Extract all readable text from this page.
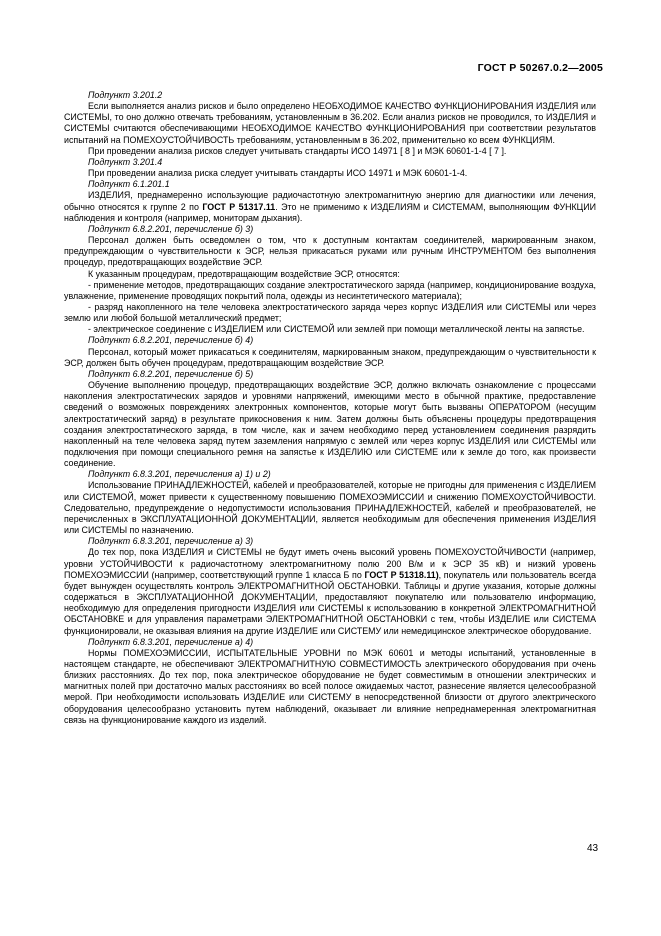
ГОСТ Р 50267.0.2—2005

Подпункт 3.201.2

Если выполняется анализ рисков и было определено НЕОБХОДИМОЕ КАЧЕСТВО ФУНКЦИОНИРОВАНИЯ ИЗДЕЛИЯ или СИСТЕМЫ, то оно должно отвечать требованиям, установленным в 36.202. Если анализ рисков не проводился, то ИЗДЕЛИЯ и СИСТЕМЫ считаются обеспечивающими НЕОБХОДИМОЕ КАЧЕСТВО ФУНКЦИОНИРОВАНИЯ при соответствии результатов испытаний на ПОМЕХОУСТОЙЧИВОСТЬ требованиям, установленным в 36.202, применительно ко всем ФУНКЦИЯМ.

При проведении анализа рисков следует учитывать стандарты ИСО 14971 [ 8 ] и МЭК 60601-1-4 [ 7 ].

Подпункт 3.201.4

При проведении анализа риска следует учитывать стандарты ИСО 14971 и МЭК 60601-1-4.

Подпункт 6.1.201.1

ИЗДЕЛИЯ, преднамеренно использующие радиочастотную электромагнитную энергию для диагностики или лечения, обычно относятся к группе 2 по ГОСТ Р 51317.11. Это не применимо к ИЗДЕЛИЯМ и СИСТЕМАМ, выполняющим ФУНКЦИИ наблюдения и контроля (например, мониторам дыхания).

Подпункт 6.8.2.201, перечисление б) 3)

Персонал должен быть осведомлен о том, что к доступным контактам соединителей, маркированным знаком, предупреждающим о чувствительности к ЭСР, нельзя прикасаться руками или ручным ИНСТРУМЕНТОМ без выполнения процедур, предотвращающих воздействие ЭСР.

К указанным процедурам, предотвращающим воздействие ЭСР, относятся:

- применение методов, предотвращающих создание электростатического заряда (например, кондиционирование воздуха, увлажнение, применение проводящих покрытий пола, одежды из несинтетического материала);

- разряд накопленного на теле человека электростатического заряда через корпус ИЗДЕЛИЯ или СИСТЕМЫ или через землю или любой большой металлический предмет;

- электрическое соединение с ИЗДЕЛИЕМ или СИСТЕМОЙ или землей при помощи металлической ленты на запястье.

Подпункт 6.8.2.201, перечисление б) 4)

Персонал, который может прикасаться к соединителям, маркированным знаком, предупреждающим о чувствительности к ЭСР, должен быть обучен процедурам, предотвращающим воздействие ЭСР.

Подпункт 6.8.2.201, перечисление б) 5)

Обучение выполнению процедур, предотвращающих воздействие ЭСР, должно включать ознакомление с процессами накопления электростатических зарядов и уровнями напряжений, имеющими место в обычной практике, предоставление сведений о возможных повреждениях электронных компонентов, которые могут быть вызваны ОПЕРАТОРОМ (несущим электростатический заряд) в результате прикосновения к ним. Затем должны быть объяснены процедуры предотвращения создания электростатического заряда, в том числе, как и зачем необходимо перед установлением соединения разрядить накопленный на теле человека заряд путем заземления напрямую с землей или через корпус ИЗДЕЛИЯ или СИСТЕМЫ или подключения при помощи специального ремня на запястье к ИЗДЕЛИЮ или СИСТЕМЕ или к земле до того, как произвести соединение.

Подпункт 6.8.3.201, перечисления а) 1) и 2)

Использование ПРИНАДЛЕЖНОСТЕЙ, кабелей и преобразователей, которые не пригодны для применения с ИЗДЕЛИЕМ или СИСТЕМОЙ, может привести к существенному повышению ПОМЕХОЭМИССИИ и снижению ПОМЕХОУСТОЙЧИВОСТИ. Следовательно, предупреждение о недопустимости использования ПРИНАДЛЕЖНОСТЕЙ, кабелей и преобразователей, не перечисленных в ЭКСПЛУАТАЦИОННОЙ ДОКУМЕНТАЦИИ, является необходимым для обеспечения применения ИЗДЕЛИЯ или СИСТЕМЫ по назначению.

Подпункт 6.8.3.201, перечисление а) 3)

До тех пор, пока ИЗДЕЛИЯ и СИСТЕМЫ не будут иметь очень высокий уровень ПОМЕХОУСТОЙЧИВОСТИ (например, уровни УСТОЙЧИВОСТИ к радиочастотному электромагнитному полю 200 В/м и к ЭСР 35 кВ) и низкий уровень ПОМЕХОЭМИССИИ (например, соответствующий группе 1 класса Б по ГОСТ Р 51318.11), покупатель или пользователь всегда будет вынужден осуществлять контроль ЭЛЕКТРОМАГНИТНОЙ ОБСТАНОВКИ. Таблицы и другие указания, которые должны содержаться в ЭКСПЛУАТАЦИОННОЙ ДОКУМЕНТАЦИИ, предоставляют покупателю или пользователю информацию, необходимую для определения пригодности ИЗДЕЛИЯ или СИСТЕМЫ к использованию в конкретной ЭЛЕКТРОМАГНИТНОЙ ОБСТАНОВКЕ и для управления параметрами ЭЛЕКТРОМАГНИТНОЙ ОБСТАНОВКИ с тем, чтобы ИЗДЕЛИЕ или СИСТЕМА функционировали, не оказывая влияния на другие ИЗДЕЛИЕ или СИСТЕМУ или немедицинское электрическое оборудование.

Подпункт 6.8.3.201, перечисление а) 4)

Нормы ПОМЕХОЭМИССИИ, ИСПЫТАТЕЛЬНЫЕ УРОВНИ по МЭК 60601 и методы испытаний, установленные в настоящем стандарте, не обеспечивают ЭЛЕКТРОМАГНИТНУЮ СОВМЕСТИМОСТЬ электрического оборудования при очень близких расстояниях. До тех пор, пока электрическое оборудование не будет совместимым в отношении электрических и магнитных полей при достаточно малых расстояниях во всей полосе ожидаемых частот, разнесение является целесообразной мерой. При необходимости использовать ИЗДЕЛИЕ или СИСТЕМУ в непосредственной близости от другого электрического оборудования целесообразно установить путем наблюдений, оказывает ли влияние непреднамеренная электромагнитная связь на функционирование каждого из изделий.

43
